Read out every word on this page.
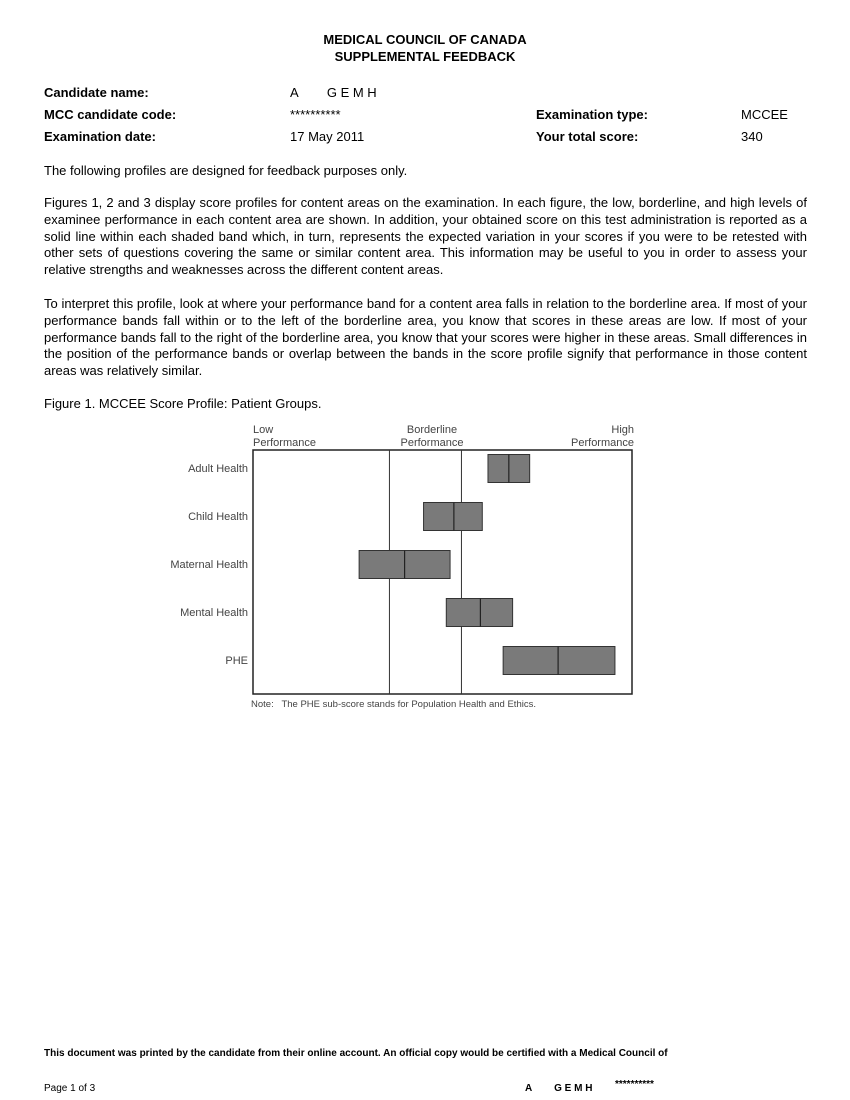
MEDICAL COUNCIL OF CANADA
SUPPLEMENTAL FEEDBACK
Candidate name:	A        G E M H
MCC candidate code:	**********	Examination type:	MCCEE
Examination date:	17 May 2011	Your total score:	340
The following profiles are designed for feedback purposes only.
Figures 1, 2 and 3 display score profiles for content areas on the examination. In each figure, the low, borderline, and high levels of examinee performance in each content area are shown. In addition, your obtained score on this test administration is reported as a solid line within each shaded band which, in turn, represents the expected variation in your scores if you were to be retested with other sets of questions covering the same or similar content area. This information may be useful to you in order to assess your relative strengths and weaknesses across the different content areas.
To interpret this profile, look at where your performance band for a content area falls in relation to the borderline area. If most of your performance bands fall within or to the left of the borderline area, you know that scores in these areas are low. If most of your performance bands fall to the right of the borderline area, you know that your scores were higher in these areas. Small differences in the position of the performance bands or overlap between the bands in the score profile signify that performance in those content areas was relatively similar.
Figure 1. MCCEE Score Profile: Patient Groups.
Low
Performance
Borderline
Performance
High
Performance
Adult Health
Child Health
Maternal Health
Mental Health
PHE
Note:   The PHE sub-score stands for Population Health and Ethics.
This document was printed by the candidate from their online account. An official copy would be certified with a Medical Council of
Page 1 of 3	A        G E M H **********
